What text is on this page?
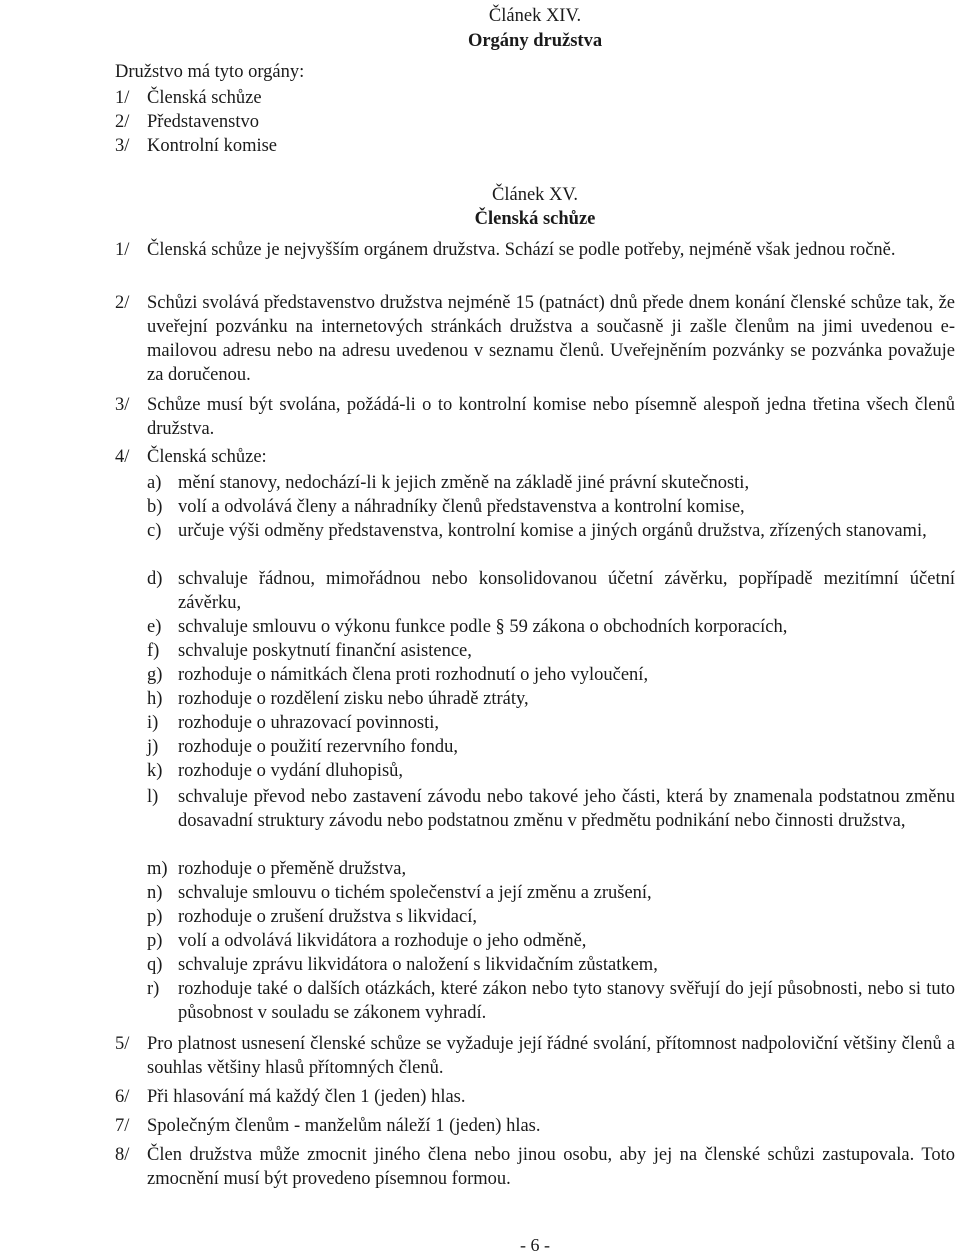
Článek XIV.
Orgány družstva
Družstvo má tyto orgány:
1/ Členská schůze
2/ Představenstvo
3/ Kontrolní komise
Článek XV.
Členská schůze
1/ Členská schůze je nejvyšším orgánem družstva. Schází se podle potřeby, nejméně však jednou ročně.
2/ Schůzi svolává představenstvo družstva nejméně 15 (patnáct) dnů přede dnem konání členské schůze tak, že uveřejní pozvánku na internetových stránkách družstva a současně ji zašle členům na jimi uvedenou e-mailovou adresu nebo na adresu uvedenou v seznamu členů. Uveřejněním pozvánky se pozvánka považuje za doručenou.
3/ Schůze musí být svolána, požádá-li o to kontrolní komise nebo písemně alespoň jedna třetina všech členů družstva.
4/ Členská schůze:
a) mění stanovy, nedochází-li k jejich změně na základě jiné právní skutečnosti,
b) volí a odvolává členy a náhradníky členů představenstva a kontrolní komise,
c) určuje výši odměny představenstva, kontrolní komise a jiných orgánů družstva, zřízených stanovami,
d) schvaluje řádnou, mimořádnou nebo konsolidovanou účetní závěrku, popřípadě mezitímní účetní závěrku,
e) schvaluje smlouvu o výkonu funkce podle § 59 zákona o obchodních korporacích,
f) schvaluje poskytnutí finanční asistence,
g) rozhoduje o námitkách člena proti rozhodnutí o jeho vyloučení,
h) rozhoduje o rozdělení zisku nebo úhradě ztráty,
i) rozhoduje o uhrazovací povinnosti,
j) rozhoduje o použití rezervního fondu,
k) rozhoduje o vydání dluhopisů,
l) schvaluje převod nebo zastavení závodu nebo takové jeho části, která by znamenala podstatnou změnu dosavadní struktury závodu nebo podstatnou změnu v předmětu podnikání nebo činnosti družstva,
m) rozhoduje o přeměně družstva,
n) schvaluje smlouvu o tichém společenství a její změnu a zrušení,
p) rozhoduje o zrušení družstva s likvidací,
p) volí a odvolává likvidátora a rozhoduje o jeho odměně,
q) schvaluje zprávu likvidátora o naložení s likvidačním zůstatkem,
r) rozhoduje také o dalších otázkách, které zákon nebo tyto stanovy svěřují do její působnosti, nebo si tuto působnost v souladu se zákonem vyhradí.
5/ Pro platnost usnesení členské schůze se vyžaduje její řádné svolání, přítomnost nadpoloviční většiny členů a souhlas většiny hlasů přítomných členů.
6/ Při hlasování má každý člen 1 (jeden) hlas.
7/ Společným členům - manželům náleží 1 (jeden) hlas.
8/ Člen družstva může zmocnit jiného člena nebo jinou osobu, aby jej na členské schůzi zastupovala. Toto zmocnění musí být provedeno písemnou formou.
- 6 -
